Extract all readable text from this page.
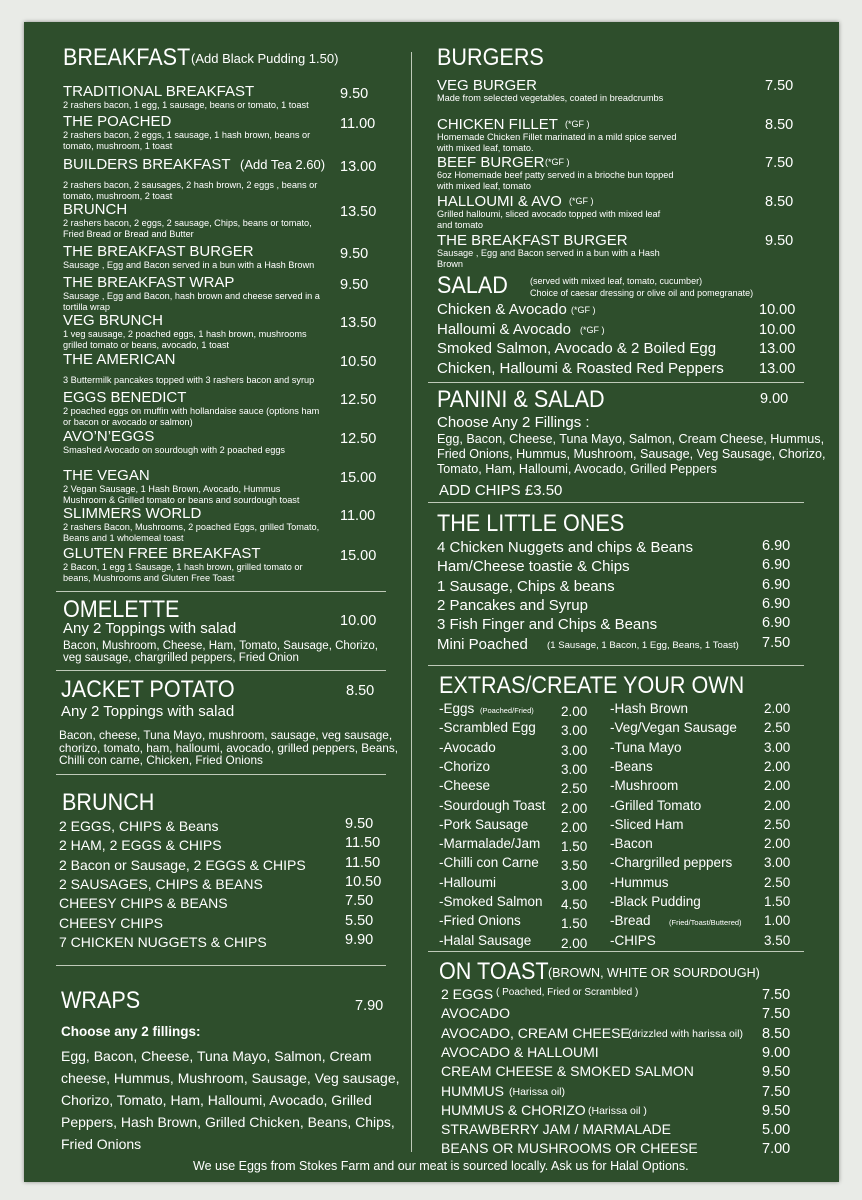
BREAKFAST (Add Black Pudding 1.50)
TRADITIONAL BREAKFAST
2 rashers bacon, 1 egg, 1 sausage, beans or tomato, 1 toast
9.50
THE POACHED
2 rashers bacon, 2 eggs, 1 sausage, 1 hash brown, beans or tomato, mushroom, 1 toast
11.00
BUILDERS BREAKFAST (Add Tea 2.60)
2 rashers bacon, 2 sausages, 2 hash brown, 2 eggs , beans or tomato, mushroom, 2 toast
13.00
BRUNCH
2 rashers bacon, 2 eggs, 2 sausage, Chips, beans or tomato, Fried Bread or Bread and Butter
13.50
THE BREAKFAST BURGER
Sausage , Egg and Bacon served in a bun with a Hash Brown
9.50
THE BREAKFAST WRAP
Sausage , Egg and Bacon, hash brown and cheese served in a tortilla wrap
9.50
VEG BRUNCH
1 veg sausage, 2 poached eggs, 1 hash brown, mushrooms grilled tomato or beans, avocado, 1 toast
13.50
THE AMERICAN
3 Buttermilk pancakes topped with 3 rashers bacon and syrup
10.50
EGGS BENEDICT
2 poached eggs on muffin with hollandaise sauce (options ham or bacon or avocado or salmon)
12.50
AVO’N’EGGS
Smashed Avocado on sourdough with 2 poached eggs
12.50
THE VEGAN
2 Vegan Sausage, 1 Hash Brown, Avocado, Hummus Mushroom & Grilled tomato or beans and sourdough toast
15.00
SLIMMERS WORLD
2 rashers Bacon, Mushrooms, 2 poached Eggs, grilled Tomato, Beans and 1 wholemeal toast
11.00
GLUTEN FREE BREAKFAST
2 Bacon, 1 egg 1 Sausage, 1 hash brown, grilled tomato or beans, Mushrooms and Gluten Free Toast
15.00
OMELETTE
Any 2 Toppings with salad	10.00
Bacon, Mushroom, Cheese, Ham, Tomato, Sausage, Chorizo, veg sausage, chargrilled peppers, Fried Onion
JACKET POTATO	8.50
Any 2 Toppings with salad
Bacon, cheese, Tuna Mayo, mushroom, sausage, veg sausage, chorizo, tomato, ham, halloumi, avocado, grilled peppers, Beans, Chilli con carne, Chicken, Fried Onions
BRUNCH
2 EGGS, CHIPS & Beans	9.50
2 HAM, 2 EGGS & CHIPS	11.50
2 Bacon or Sausage, 2 EGGS & CHIPS	11.50
2 SAUSAGES, CHIPS & BEANS	10.50
CHEESY CHIPS & BEANS	7.50
CHEESY CHIPS	5.50
7 CHICKEN NUGGETS & CHIPS	9.90
WRAPS	7.90
Choose any 2 fillings:
Egg, Bacon, Cheese, Tuna Mayo, Salmon, Cream cheese, Hummus, Mushroom, Sausage, Veg sausage, Chorizo, Tomato, Ham, Halloumi, Avocado, Grilled Peppers, Hash Brown, Grilled Chicken, Beans, Chips, Fried Onions
BURGERS
VEG BURGER
Made from selected vegetables, coated in breadcrumbs
7.50
CHICKEN FILLET (*GF )
Homemade Chicken Fillet marinated in a mild spice served with mixed leaf, tomato.
8.50
BEEF BURGER (*GF )
6oz Homemade beef patty served in a brioche bun topped with mixed leaf, tomato
7.50
HALLOUMI & AVO (*GF )
Grilled halloumi, sliced avocado topped with mixed leaf and tomato
8.50
THE BREAKFAST BURGER
Sausage , Egg and Bacon served in a bun with a Hash Brown
9.50
SALAD (served with mixed leaf, tomato, cucumber)
Choice of caesar dressing or olive oil and pomegranate)
Chicken & Avocado (*GF )	10.00
Halloumi & Avocado (*GF )	10.00
Smoked Salmon, Avocado & 2 Boiled Egg	13.00
Chicken, Halloumi & Roasted Red Peppers 13.00
PANINI & SALAD	9.00
Choose Any 2 Fillings :
Egg, Bacon, Cheese, Tuna Mayo, Salmon, Cream Cheese, Hummus, Fried Onions, Hummus, Mushroom, Sausage, Veg Sausage, Chorizo, Tomato, Ham, Halloumi, Avocado, Grilled Peppers
ADD CHIPS £3.50
THE LITTLE ONES
4 Chicken Nuggets and chips & Beans	6.90
Ham/Cheese toastie & Chips	6.90
1 Sausage, Chips & beans	6.90
2 Pancakes and Syrup	6.90
3 Fish Finger and Chips & Beans	6.90
Mini Poached (1 Sausage, 1 Bacon, 1 Egg, Beans, 1 Toast) 7.50
EXTRAS/CREATE YOUR OWN
-Eggs (Poached/Fried) 2.00
-Scrambled Egg 3.00
-Avocado	3.00
-Chorizo	3.00
-Cheese	2.50
-Sourdough Toast 2.00
-Pork Sausage 2.00
-Marmalade/Jam 1.50
-Chilli con Carne 3.50
-Halloumi	3.00
-Smoked Salmon 4.50
-Fried Onions	1.50
-Halal Sausage 2.00
-Hash Brown	2.00
-Veg/Vegan Sausage 2.50
-Tuna Mayo	3.00
-Beans	2.00
-Mushroom	2.00
-Grilled Tomato	2.00
-Sliced Ham	2.50
-Bacon	2.00
-Chargrilled peppers 3.00
-Hummus	2.50
-Black Pudding	1.50
-Bread (Fried/Toast/Buttered) 1.00
-CHIPS	3.50
ON TOAST (BROWN, WHITE OR SOURDOUGH)
2 EGGS ( Poached, Fried or Scrambled )	7.50
AVOCADO	7.50
AVOCADO, CREAM CHEESE
(drizzled with harissa oil) 8.50
AVOCADO & HALLOUMI	9.00
CREAM CHEESE & SMOKED SALMON	9.50
HUMMUS (Harissa oil)	7.50
HUMMUS & CHORIZO (Harissa oil )	9.50
STRAWBERRY JAM / MARMALADE	5.00
BEANS OR MUSHROOMS OR CHEESE	7.00
We use Eggs from Stokes Farm and our meat is sourced locally. Ask us for Halal Options.
